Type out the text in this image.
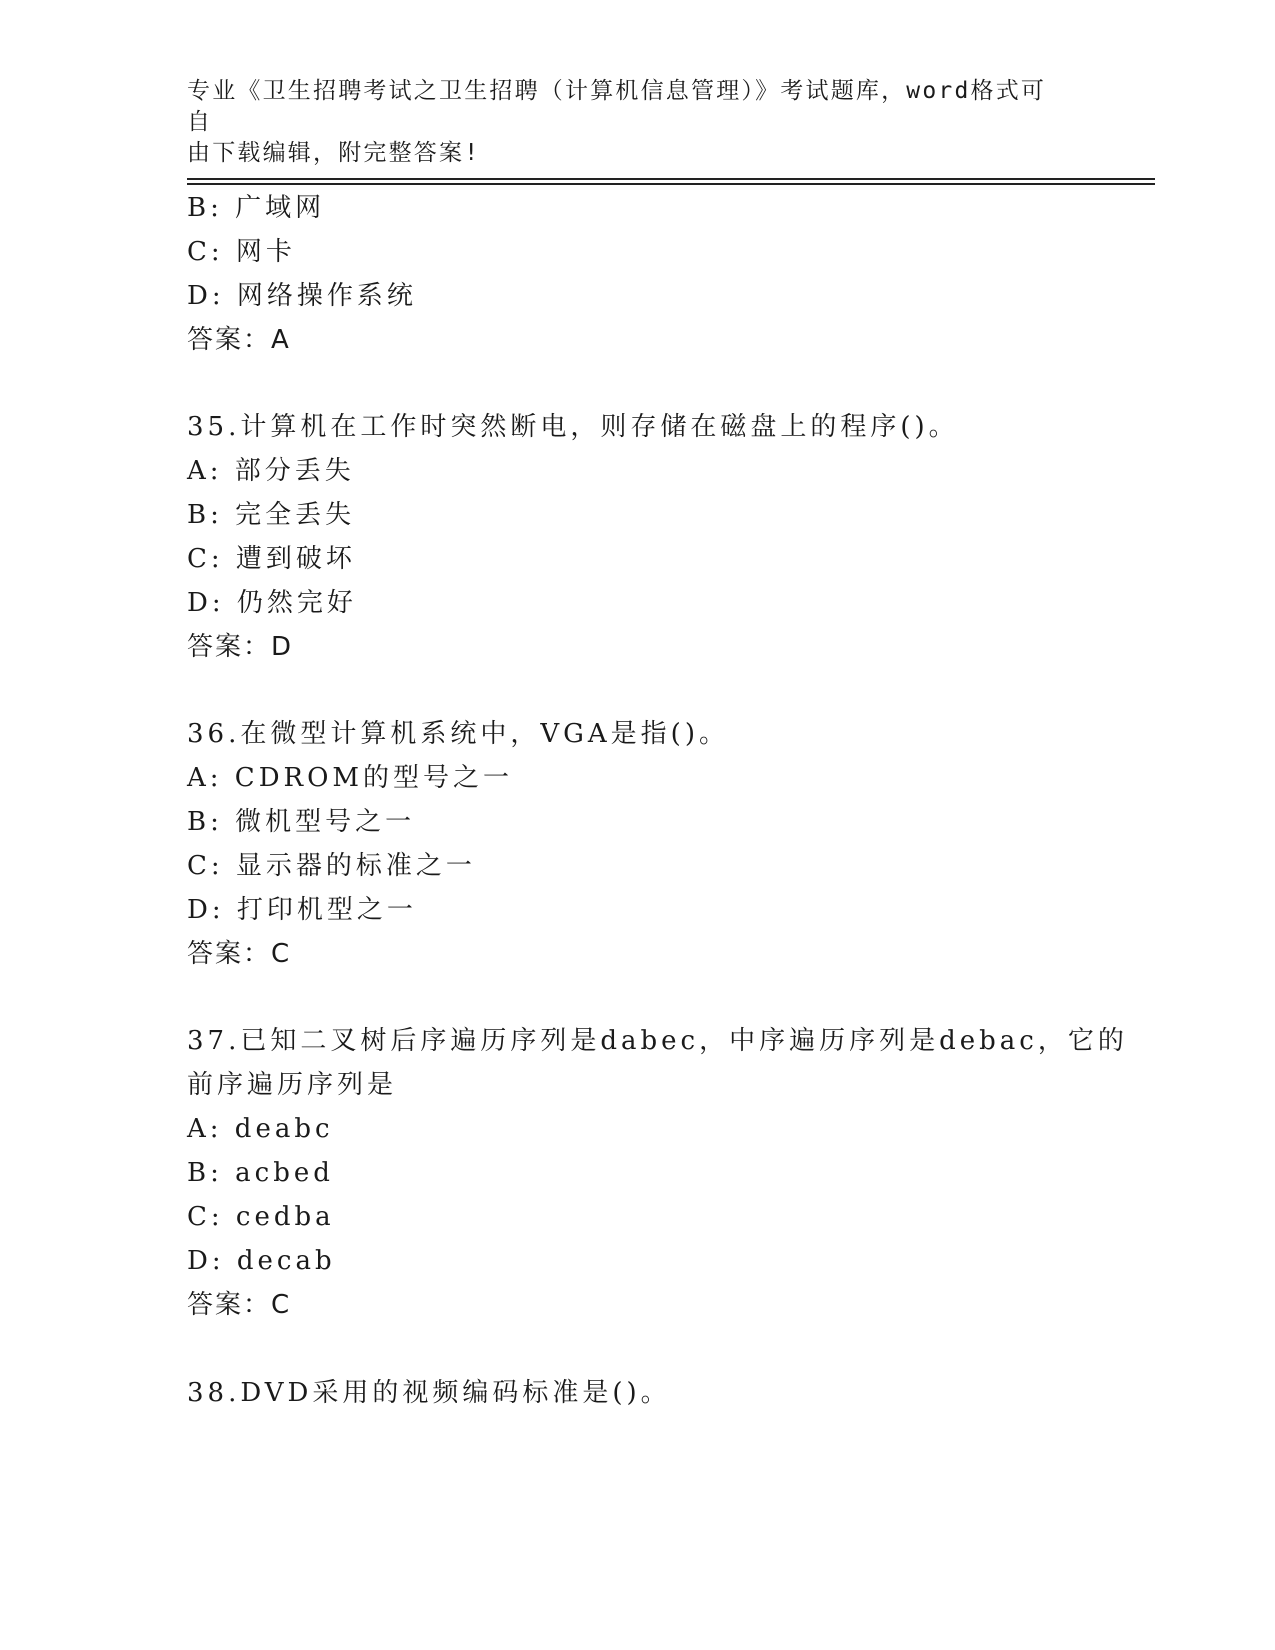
专业《卫生招聘考试之卫生招聘（计算机信息管理）》考试题库，word格式可自
由下载编辑，附完整答案!
B: 广域网
C: 网卡
D: 网络操作系统
答案：A
35.计算机在工作时突然断电，则存储在磁盘上的程序()。
A: 部分丢失
B: 完全丢失
C: 遭到破坏
D: 仍然完好
答案：D
36.在微型计算机系统中，VGA是指()。
A: CDROM的型号之一
B: 微机型号之一
C: 显示器的标准之一
D: 打印机型之一
答案：C
37.已知二叉树后序遍历序列是dabec，中序遍历序列是debac，它的
前序遍历序列是
A: deabc
B: acbed
C: cedba
D: decab
答案：C
38.DVD采用的视频编码标准是()。
